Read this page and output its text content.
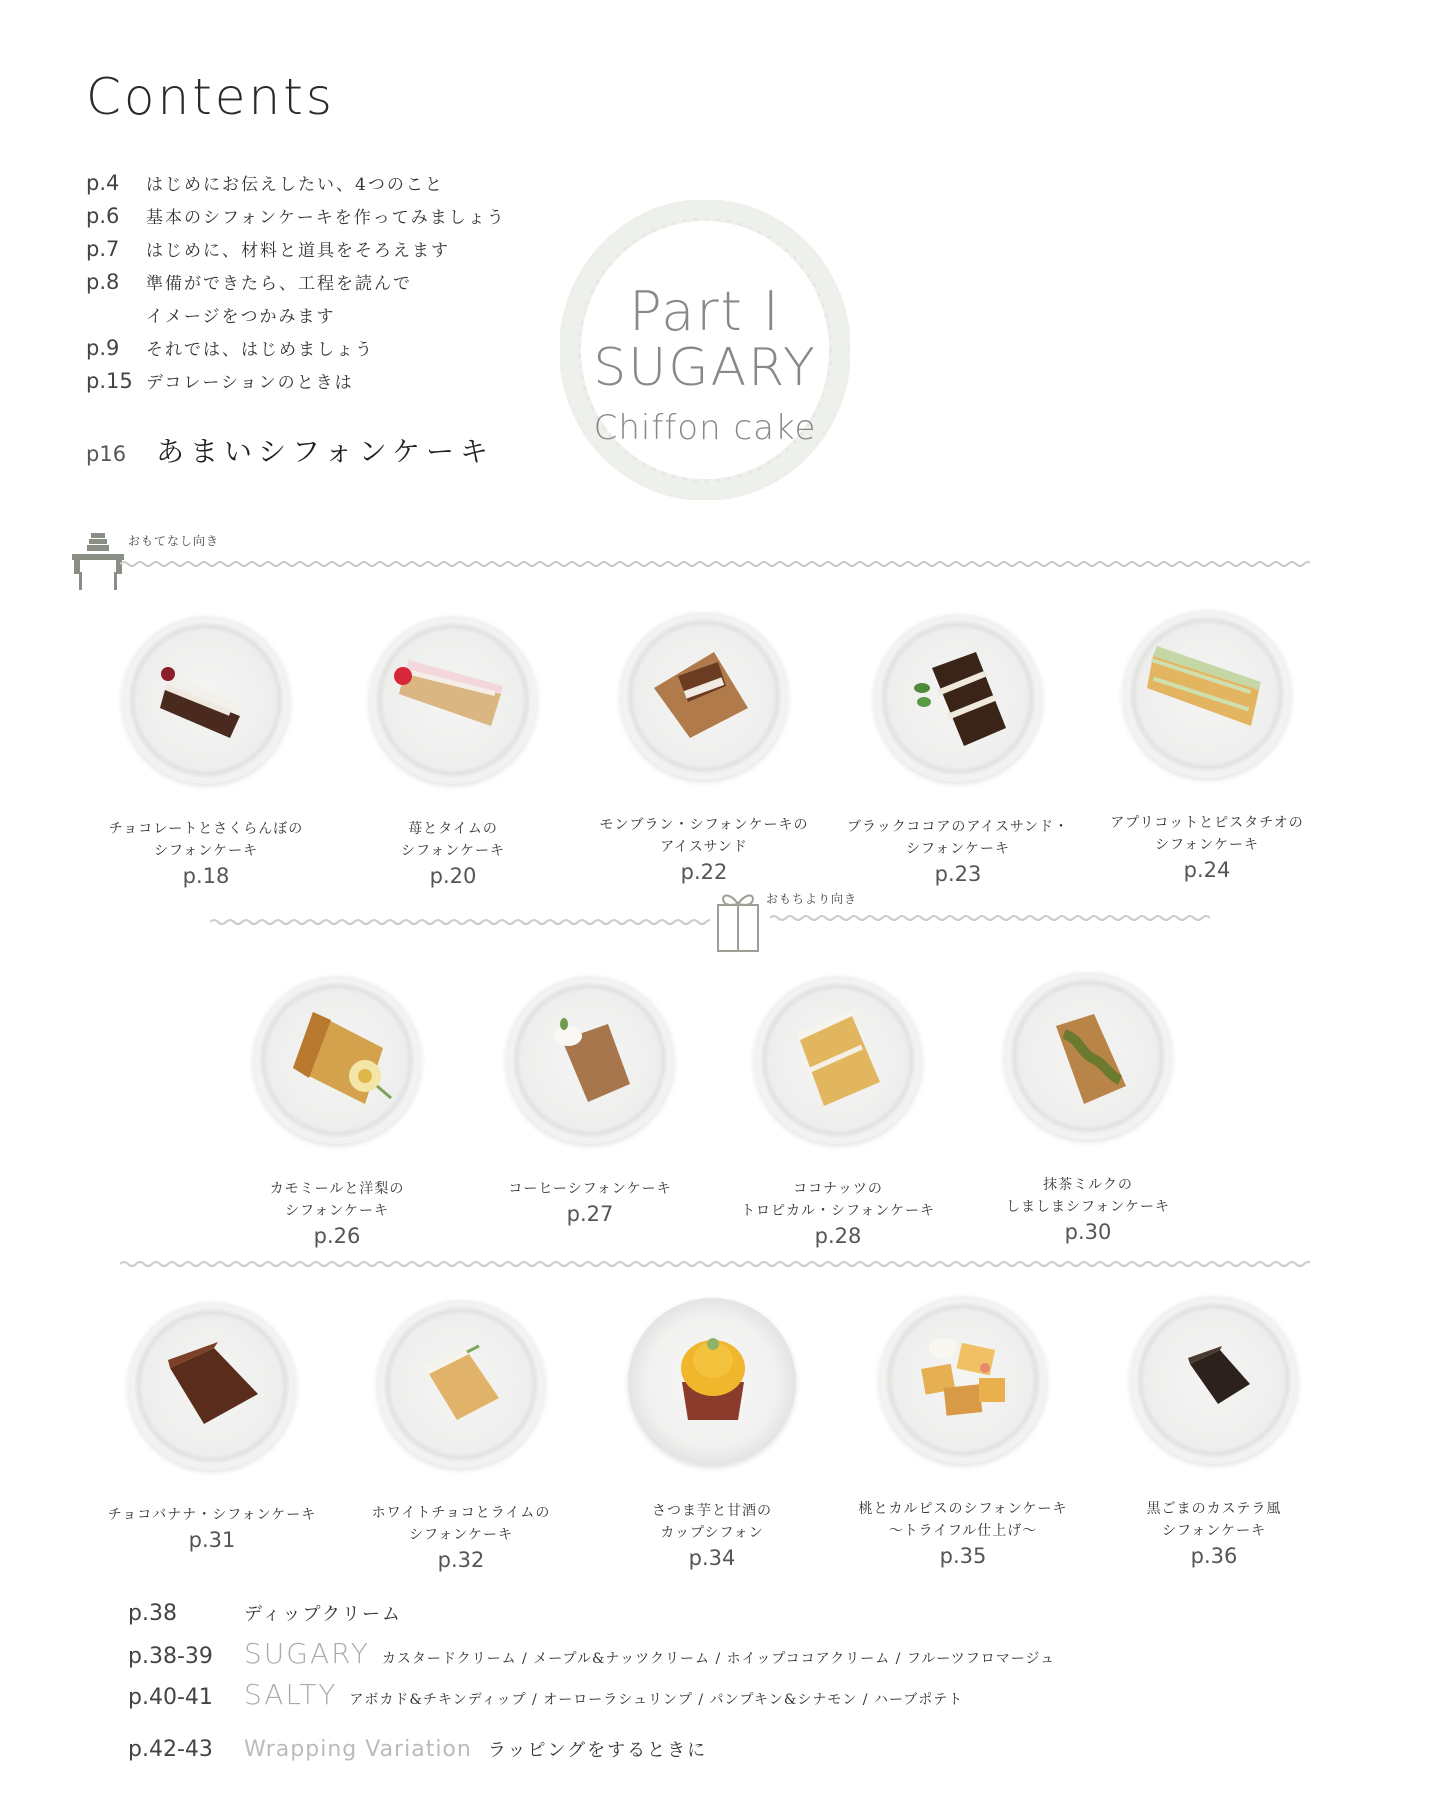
Contents
p.4 はじめにお伝えしたい、4つのこと
p.6 基本のシフォンケーキを作ってみましょう
p.7 はじめに、材料と道具をそろえます
p.8 準備ができたら、工程を読んで
イメージをつかみます
p.9 それでは、はじめましょう
p.15 デコレーションのときは
p16 あまいシフォンケーキ
Part I
SUGARY
Chiffon cake
おもてなし向き
おもちより向き
チョコレートとさくらんぼの
シフォンケーキ
p.18
苺とタイムの
シフォンケーキ
p.20
モンブラン・シフォンケーキの
アイスサンド
p.22
ブラックココアのアイスサンド・
シフォンケーキ
p.23
アプリコットとピスタチオの
シフォンケーキ
p.24
カモミールと洋梨の
シフォンケーキ
p.26
コーヒーシフォンケーキ
p.27
ココナッツの
トロピカル・シフォンケーキ
p.28
抹茶ミルクの
しましまシフォンケーキ
p.30
チョコバナナ・シフォンケーキ
p.31
ホワイトチョコとライムの
シフォンケーキ
p.32
さつま芋と甘酒の
カップシフォン
p.34
桃とカルピスのシフォンケーキ
〜トライフル仕上げ〜
p.35
黒ごまのカステラ風
シフォンケーキ
p.36
p.38	ディップクリーム
p.38-39 SUGARY カスタードクリーム / メープル&ナッツクリーム / ホイップココアクリーム / フルーツフロマージュ
p.40-41 SALTY アボカド&チキンディップ / オーローラシュリンプ / パンプキン&シナモン / ハーブポテト
p.42-43 Wrapping Variation ラッピングをするときに
